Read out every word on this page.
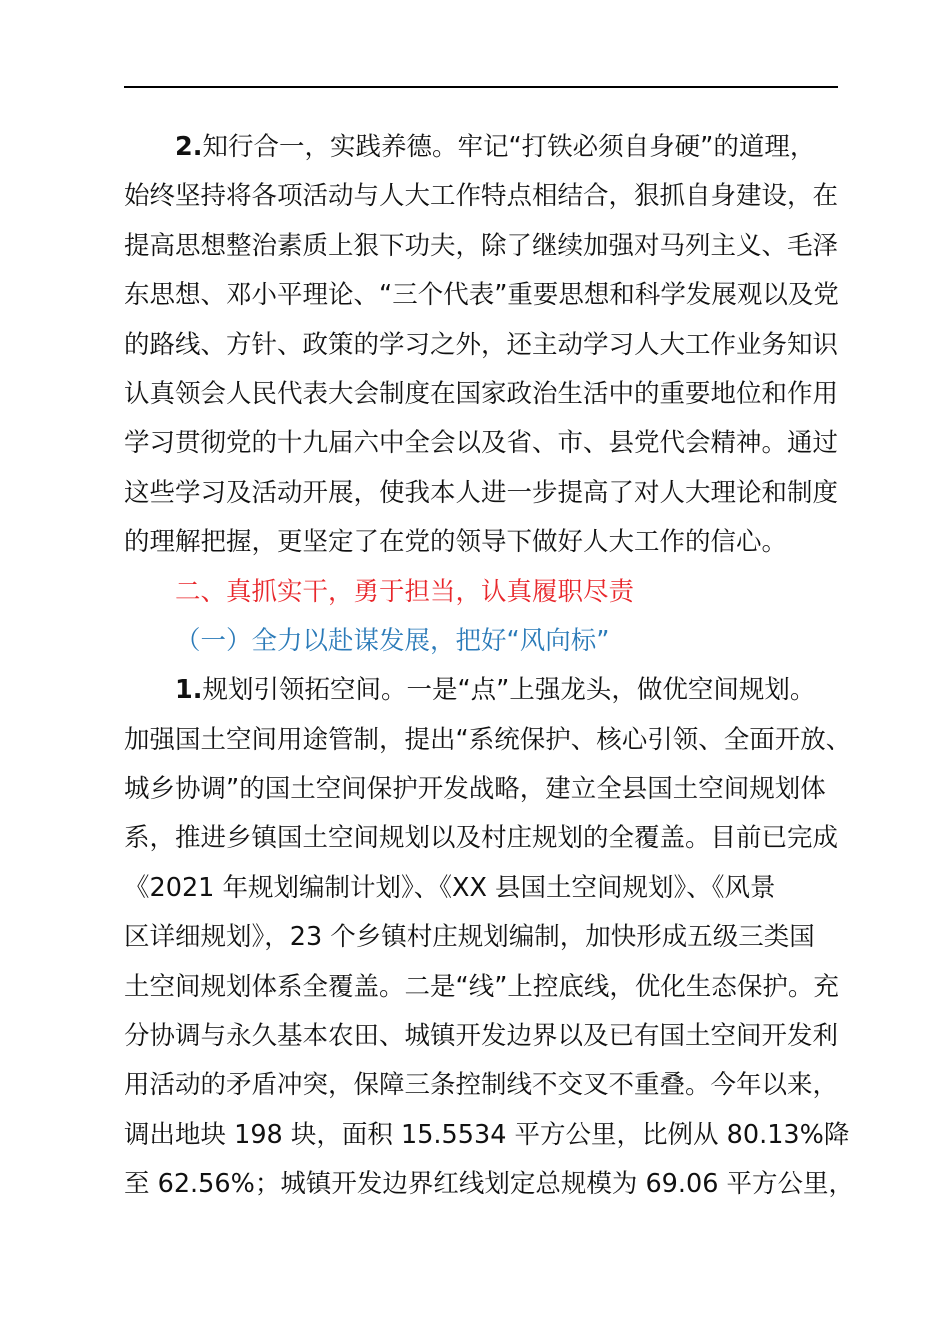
2.知行合一，实践养德。牢记“打铁必须自身硬”的道理，
始终坚持将各项活动与人大工作特点相结合，狠抓自身建设，在
提高思想整治素质上狠下功夫，除了继续加强对马列主义、毛泽
东思想、邓小平理论、“三个代表”重要思想和科学发展观以及党
的路线、方针、政策的学习之外，还主动学习人大工作业务知识
认真领会人民代表大会制度在国家政治生活中的重要地位和作用
学习贯彻党的十九届六中全会以及省、市、县党代会精神。通过
这些学习及活动开展，使我本人进一步提高了对人大理论和制度
的理解把握，更坚定了在党的领导下做好人大工作的信心。
二、真抓实干，勇于担当，认真履职尽责
（一）全力以赴谋发展，把好“风向标”
1.规划引领拓空间。一是“点”上强龙头，做优空间规划。
加强国土空间用途管制，提出“系统保护、核心引领、全面开放、
城乡协调”的国土空间保护开发战略，建立全县国土空间规划体
系，推进乡镇国土空间规划以及村庄规划的全覆盖。目前已完成
《2021 年规划编制计划》、《XX 县国土空间规划》、《风景
区详细规划》，23 个乡镇村庄规划编制，加快形成五级三类国
土空间规划体系全覆盖。二是“线”上控底线，优化生态保护。充
分协调与永久基本农田、城镇开发边界以及已有国土空间开发利
用活动的矛盾冲突，保障三条控制线不交叉不重叠。今年以来，
调出地块 198 块，面积 15.5534 平方公里，比例从 80.13%降
至 62.56%；城镇开发边界红线划定总规模为 69.06 平方公里，
